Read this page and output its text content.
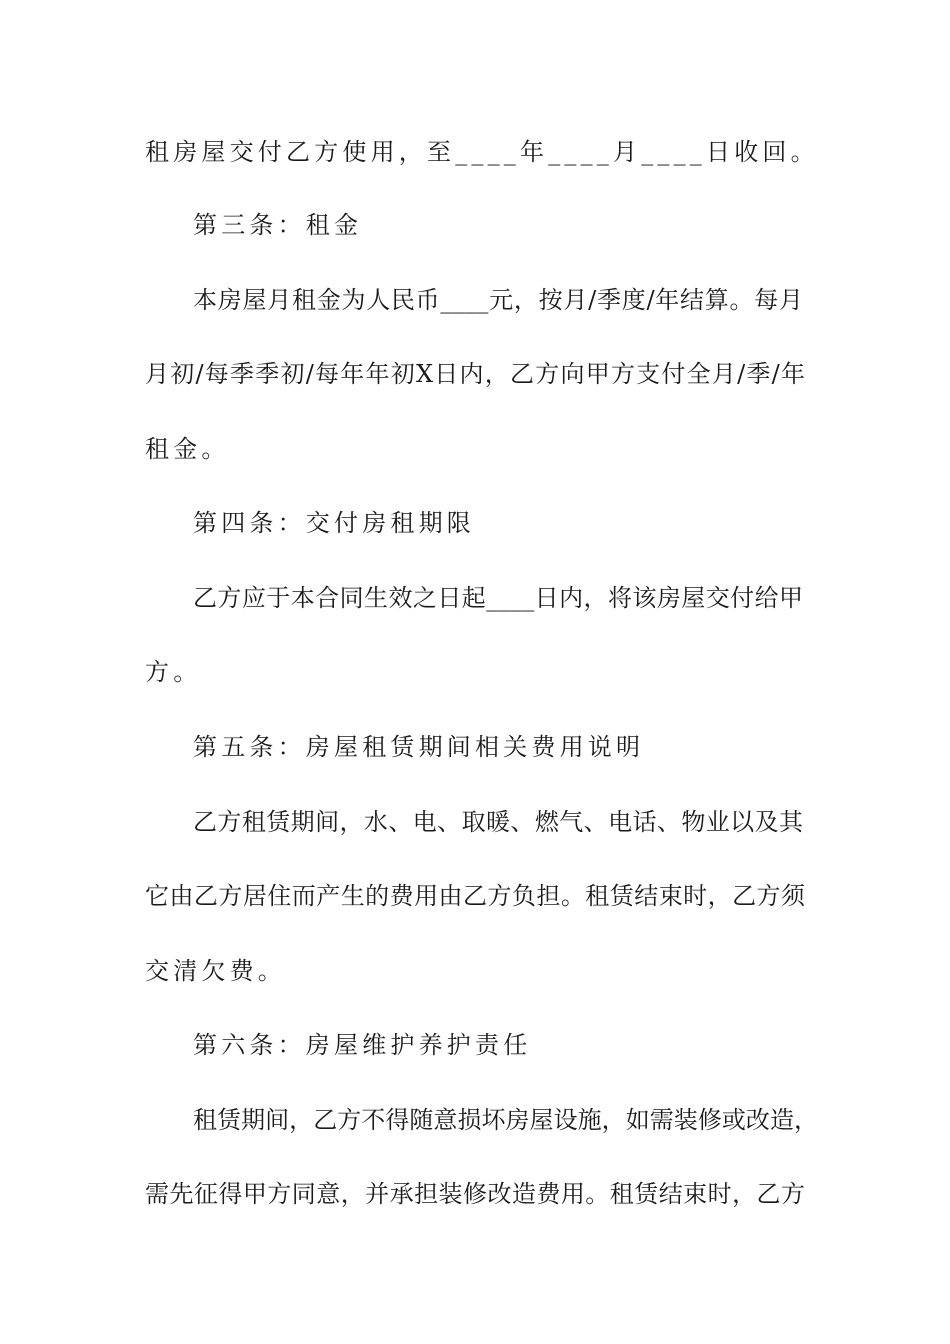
租房屋交付乙方使用，至____年____月____日收回。
第三条：租金
本房屋月租金为人民币____元，按月/季度/年结算。每月
月初/每季季初/每年年初X日内，乙方向甲方支付全月/季/年
租金。
第四条：交付房租期限
乙方应于本合同生效之日起____日内，将该房屋交付给甲
方。
第五条：房屋租赁期间相关费用说明
乙方租赁期间，水、电、取暖、燃气、电话、物业以及其
它由乙方居住而产生的费用由乙方负担。租赁结束时，乙方须
交清欠费。
第六条：房屋维护养护责任
租赁期间，乙方不得随意损坏房屋设施，如需装修或改造，
需先征得甲方同意，并承担装修改造费用。租赁结束时，乙方
